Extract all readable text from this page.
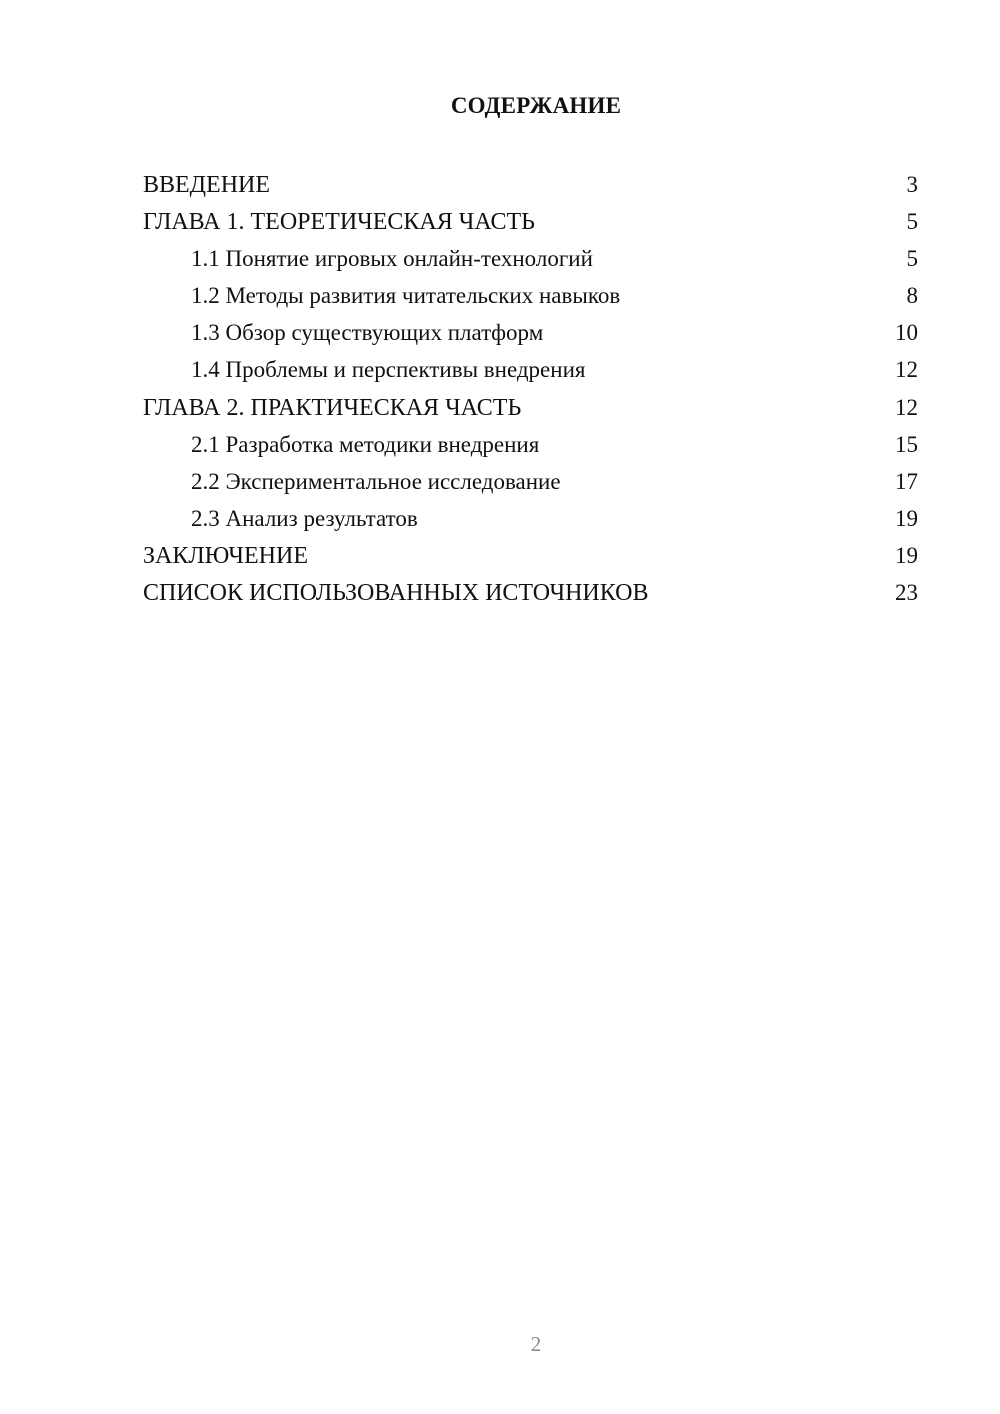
СОДЕРЖАНИЕ
ВВЕДЕНИЕ	3
ГЛАВА 1. ТЕОРЕТИЧЕСКАЯ ЧАСТЬ	5
1.1 Понятие игровых онлайн-технологий	5
1.2 Методы развития читательских навыков	8
1.3 Обзор существующих платформ	10
1.4 Проблемы и перспективы внедрения	12
ГЛАВА 2. ПРАКТИЧЕСКАЯ ЧАСТЬ	12
2.1 Разработка методики внедрения	15
2.2 Экспериментальное исследование	17
2.3 Анализ результатов	19
ЗАКЛЮЧЕНИЕ	19
СПИСОК ИСПОЛЬЗОВАННЫХ ИСТОЧНИКОВ	23
2
